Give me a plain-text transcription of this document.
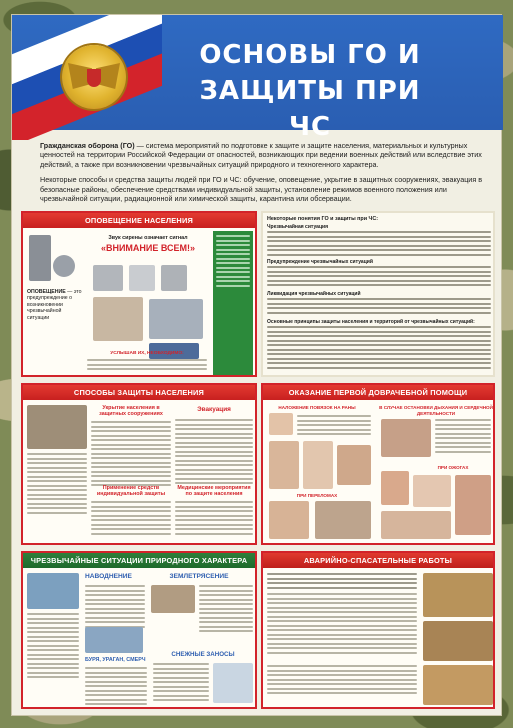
ОСНОВЫ ГО И
ЗАЩИТЫ ПРИ ЧС

Гражданская оборона (ГО) — система мероприятий по подготовке к защите и защите населения, материальных и культурных ценностей на территории Российской Федерации от опасностей, возникающих при ведении военных действий или вследствие этих действий, а также при возникновении чрезвычайных ситуаций природного и техногенного характера.

Некоторые способы и средства защиты людей при ГО и ЧС: обучение, оповещение, укрытие в защитных сооружениях, эвакуация в безопасные районы, обеспечение средствами индивидуальной защиты, установление режимов военного положения или чрезвычайной ситуации, радиационной или химической защиты, карантина или обсервации.

ОПОВЕЩЕНИЕ НАСЕЛЕНИЯ
Звук сирены означает сигнал
«ВНИМАНИЕ ВСЕМ!»
ОПОВЕЩЕНИЕ — это предупреждение о возникновении чрезвычайной ситуации
УСЛЫШАВ ИХ, НЕОБХОДИМО:
Некоторые понятия ГО и защиты при ЧС:
Чрезвычайная ситуация
Предупреждение чрезвычайных ситуаций
Ликвидация чрезвычайных ситуаций
Основные принципы защиты населения и территорий от чрезвычайных ситуаций:
СПОСОБЫ ЗАЩИТЫ НАСЕЛЕНИЯ
Укрытие населения в защитных сооружениях
Эвакуация
Применение средств индивидуальной защиты
Медицинские мероприятия по защите населения
ОКАЗАНИЕ ПЕРВОЙ ДОВРАЧЕБНОЙ ПОМОЩИ
НАЛОЖЕНИЕ ПОВЯЗОК НА РАНЫ	В СЛУЧАЕ ОСТАНОВКИ ДЫХАНИЯ И СЕРДЕЧНОЙ ДЕЯТЕЛЬНОСТИ
ПРИ ПЕРЕЛОМАХ
ПРИ ОЖОГАХ
ЧРЕЗВЫЧАЙНЫЕ СИТУАЦИИ ПРИРОДНОГО ХАРАКТЕРА
НАВОДНЕНИЕ	ЗЕМЛЕТРЯСЕНИЕ
БУРЯ, УРАГАН, СМЕРЧ
СНЕЖНЫЕ ЗАНОСЫ
АВАРИЙНО-СПАСАТЕЛЬНЫЕ РАБОТЫ
